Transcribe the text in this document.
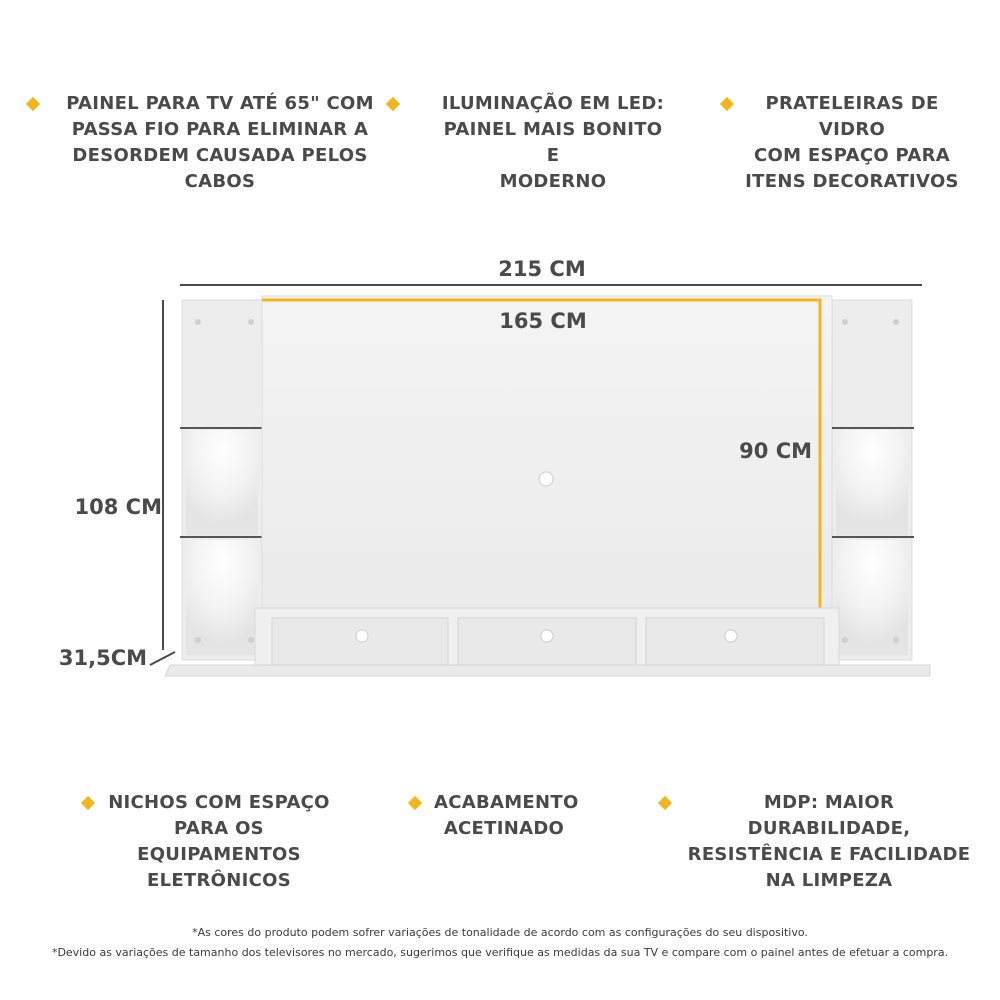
PAINEL PARA TV ATÉ 65" COM
PASSA FIO PARA ELIMINAR A
DESORDEM CAUSADA PELOS CABOS
ILUMINAÇÃO EM LED:
PAINEL MAIS BONITO E
MODERNO
PRATELEIRAS DE VIDRO
COM ESPAÇO PARA
ITENS DECORATIVOS
215 CM
165 CM
90 CM
108 CM
31,5CM
NICHOS COM ESPAÇO
PARA OS EQUIPAMENTOS
ELETRÔNICOS
ACABAMENTO
ACETINADO
MDP: MAIOR DURABILIDADE,
RESISTÊNCIA E FACILIDADE
NA LIMPEZA
*As cores do produto podem sofrer variações de tonalidade de acordo com as configurações do seu dispositivo.
*Devido as variações de tamanho dos televisores no mercado, sugerimos que verifique as medidas da sua TV e compare com o painel antes de efetuar a compra.
